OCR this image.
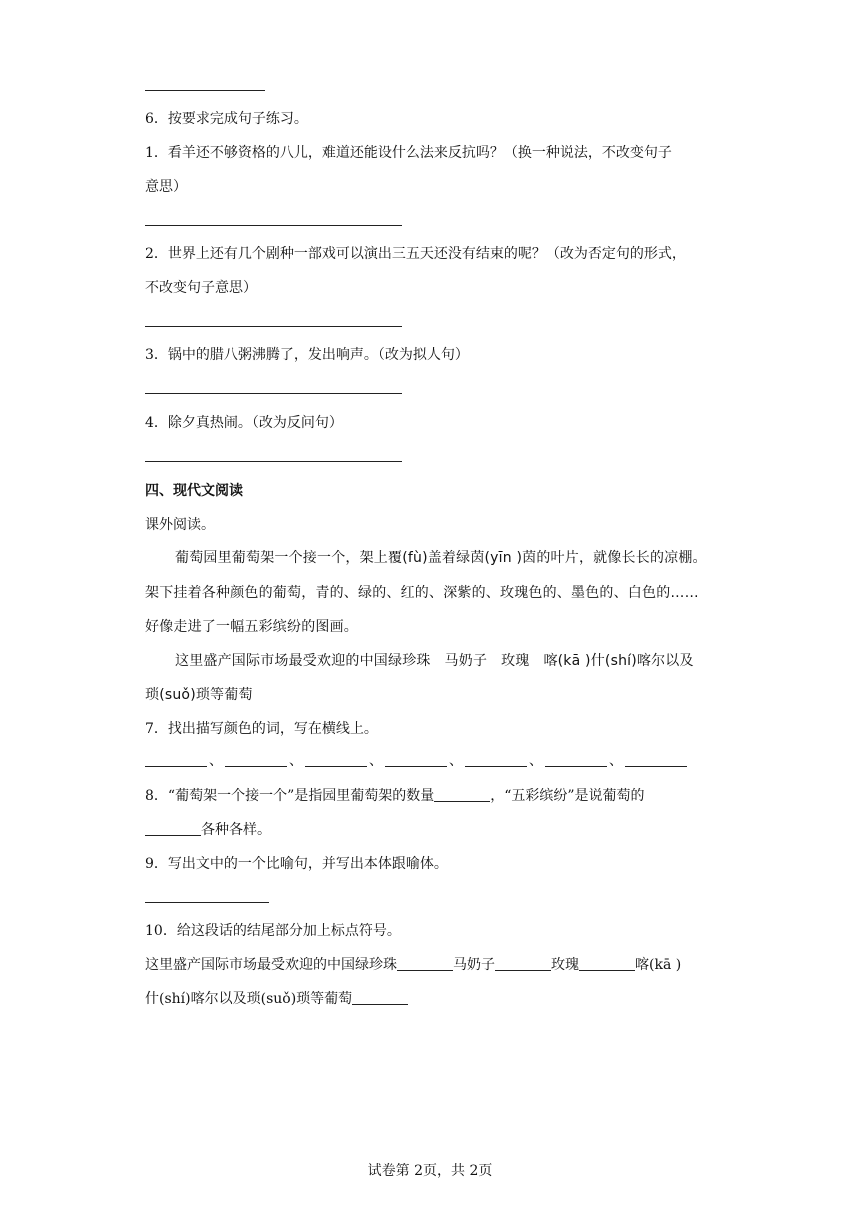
6．按要求完成句子练习。
1．看羊还不够资格的八儿，难道还能设什么法来反抗吗？（换一种说法，不改变句子
意思）
2．世界上还有几个剧种一部戏可以演出三五天还没有结束的呢？（改为否定句的形式，
不改变句子意思）
3．锅中的腊八粥沸腾了，发出响声。（改为拟人句）
4．除夕真热闹。（改为反问句）
四、现代文阅读
课外阅读。
葡萄园里葡萄架一个接一个，架上覆(fù)盖着绿茵(yīn )茵的叶片，就像长长的凉棚。
架下挂着各种颜色的葡萄，青的、绿的、红的、深紫的、玫瑰色的、墨色的、白色的……
好像走进了一幅五彩缤纷的图画。
这里盛产国际市场最受欢迎的中国绿珍珠   马奶子   玫瑰   喀(kā )什(shí)喀尔以及
琐(suǒ)琐等葡萄
7．找出描写颜色的词，写在横线上。
、	、	、	、	、	、
8．“葡萄架一个接一个”是指园里葡萄架的数量	，“五彩缤纷”是说葡萄的
各种各样。
9．写出文中的一个比喻句，并写出本体跟喻体。
10．给这段话的结尾部分加上标点符号。
这里盛产国际市场最受欢迎的中国绿珍珠	马奶子	玫瑰	喀(kā )
什(shí)喀尔以及琐(suǒ)琐等葡萄
试卷第 2页，共 2页
